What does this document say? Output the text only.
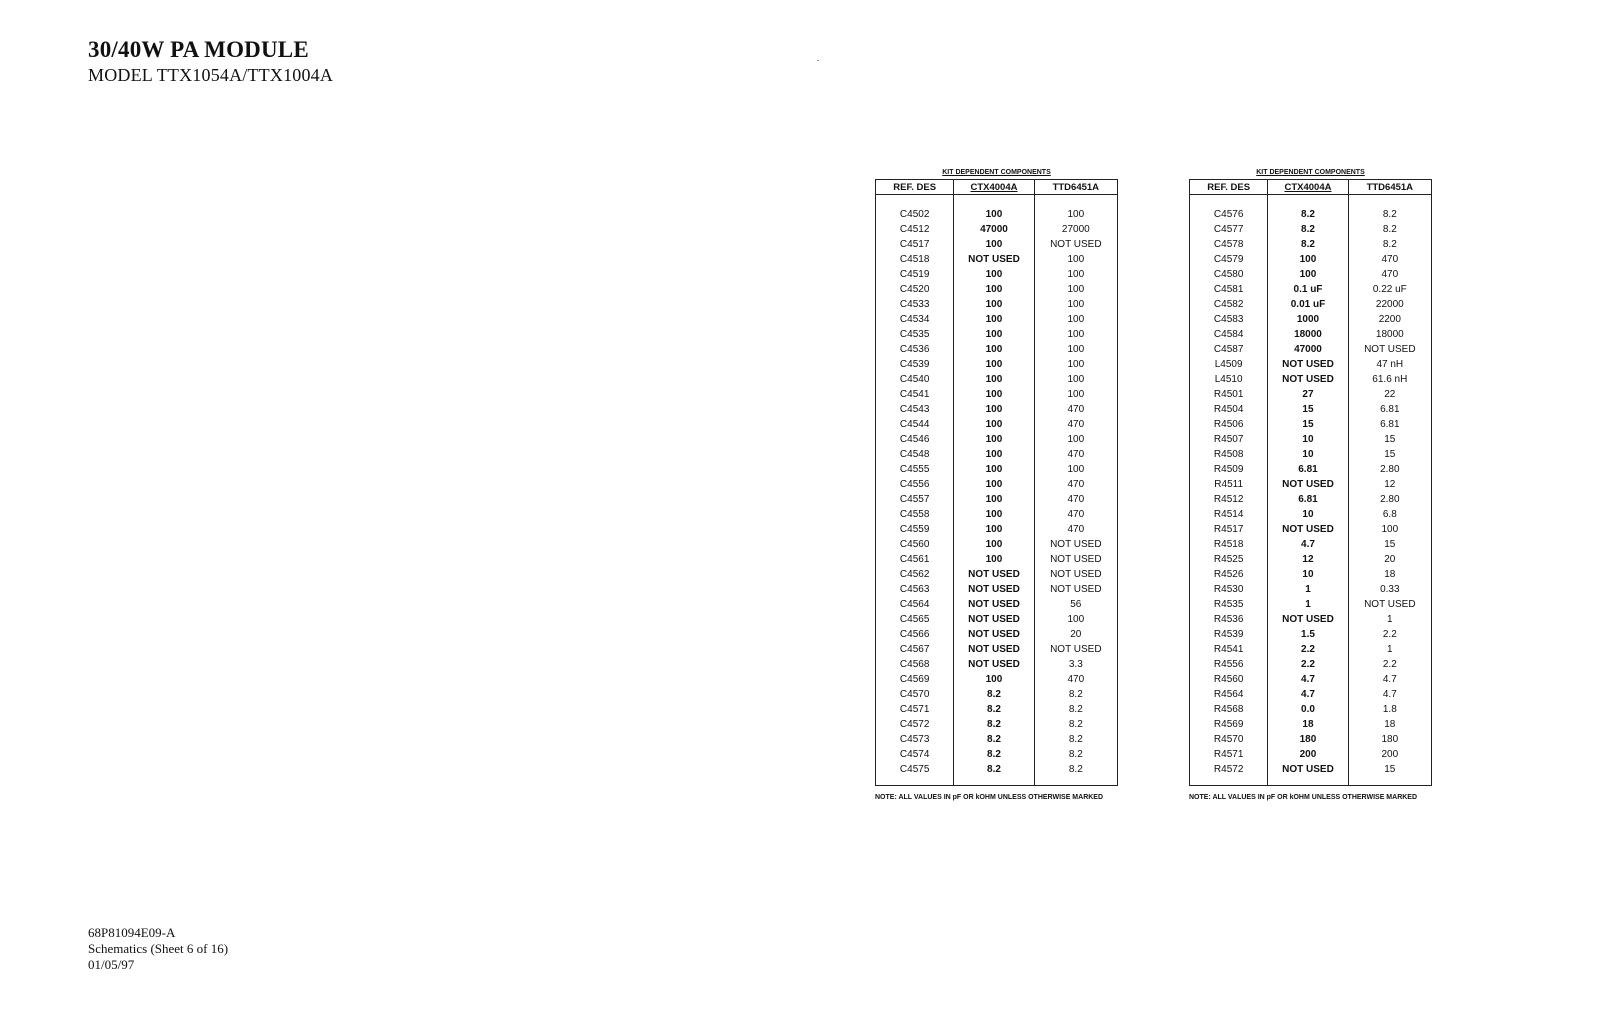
30/40W PA MODULE
MODEL TTX1054A/TTX1004A
KIT DEPENDENT COMPONENTS
REF. DES	CTX4004A	TTD6451A

C4502	100	100
C4512	47000	27000
C4517	100	NOT USED
C4518	NOT USED	100
C4519	100	100
C4520	100	100
C4533	100	100
C4534	100	100
C4535	100	100
C4536	100	100
C4539	100	100
C4540	100	100
C4541	100	100
C4543	100	470
C4544	100	470
C4546	100	100
C4548	100	470
C4555	100	100
C4556	100	470
C4557	100	470
C4558	100	470
C4559	100	470
C4560	100	NOT USED
C4561	100	NOT USED
C4562	NOT USED	NOT USED
C4563	NOT USED	NOT USED
C4564	NOT USED	56
C4565	NOT USED	100
C4566	NOT USED	20
C4567	NOT USED	NOT USED
C4568	NOT USED	3.3
C4569	100	470
C4570	8.2	8.2
C4571	8.2	8.2
C4572	8.2	8.2
C4573	8.2	8.2
C4574	8.2	8.2
C4575	8.2	8.2

NOTE: ALL VALUES IN pF OR kOHM UNLESS OTHERWISE MARKED
KIT DEPENDENT COMPONENTS
REF. DES	CTX4004A	TTD6451A

C4576	8.2	8.2
C4577	8.2	8.2
C4578	8.2	8.2
C4579	100	470
C4580	100	470
C4581	0.1 uF	0.22 uF
C4582	0.01 uF	22000
C4583	1000	2200
C4584	18000	18000
C4587	47000	NOT USED
L4509	NOT USED	47 nH
L4510	NOT USED	61.6 nH
R4501	27	22
R4504	15	6.81
R4506	15	6.81
R4507	10	15
R4508	10	15
R4509	6.81	2.80
R4511	NOT USED	12
R4512	6.81	2.80
R4514	10	6.8
R4517	NOT USED	100
R4518	4.7	15
R4525	12	20
R4526	10	18
R4530	1	0.33
R4535	1	NOT USED
R4536	NOT USED	1
R4539	1.5	2.2
R4541	2.2	1
R4556	2.2	2.2
R4560	4.7	4.7
R4564	4.7	4.7
R4568	0.0	1.8
R4569	18	18
R4570	180	180
R4571	200	200
R4572	NOT USED	15

NOTE: ALL VALUES IN pF OR kOHM UNLESS OTHERWISE MARKED
68P81094E09-A
Schematics (Sheet 6 of 16)
01/05/97
